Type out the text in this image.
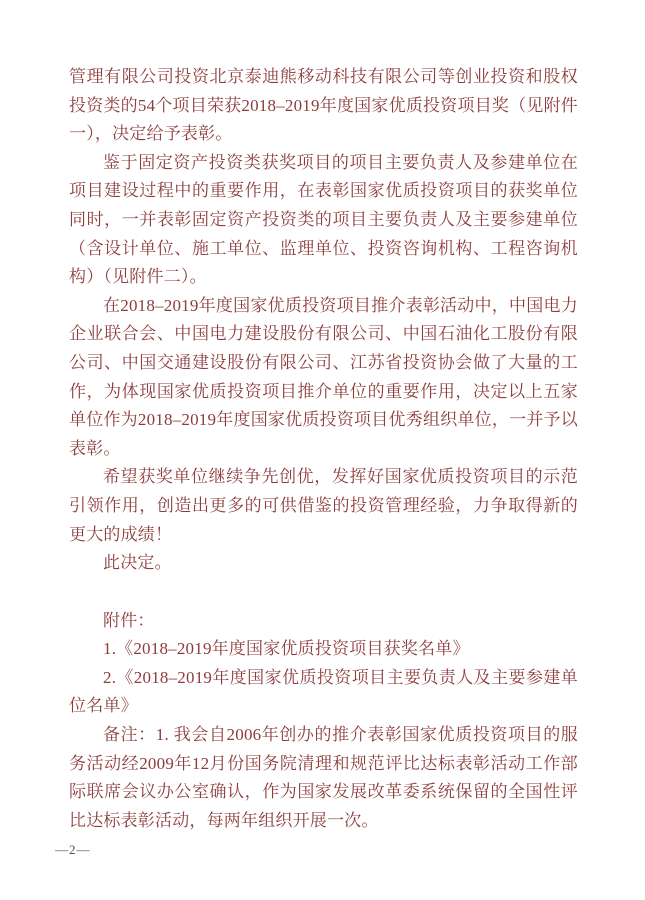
管理有限公司投资北京泰迪熊移动科技有限公司等创业投资和股权投资类的54个项目荣获2018–2019年度国家优质投资项目奖（见附件一），决定给予表彰。

鉴于固定资产投资类获奖项目的项目主要负责人及参建单位在项目建设过程中的重要作用，在表彰国家优质投资项目的获奖单位同时，一并表彰固定资产投资类的项目主要负责人及主要参建单位（含设计单位、施工单位、监理单位、投资咨询机构、工程咨询机构）（见附件二）。

在2018–2019年度国家优质投资项目推介表彰活动中，中国电力企业联合会、中国电力建设股份有限公司、中国石油化工股份有限公司、中国交通建设股份有限公司、江苏省投资协会做了大量的工作，为体现国家优质投资项目推介单位的重要作用，决定以上五家单位作为2018–2019年度国家优质投资项目优秀组织单位，一并予以表彰。

希望获奖单位继续争先创优，发挥好国家优质投资项目的示范引领作用，创造出更多的可供借鉴的投资管理经验，力争取得新的更大的成绩！

此决定。

附件：

1.《2018–2019年度国家优质投资项目获奖名单》

2.《2018–2019年度国家优质投资项目主要负责人及主要参建单位名单》

备注：1. 我会自2006年创办的推介表彰国家优质投资项目的服务活动经2009年12月份国务院清理和规范评比达标表彰活动工作部际联席会议办公室确认，作为国家发展改革委系统保留的全国性评比达标表彰活动，每两年组织开展一次。

—2—
